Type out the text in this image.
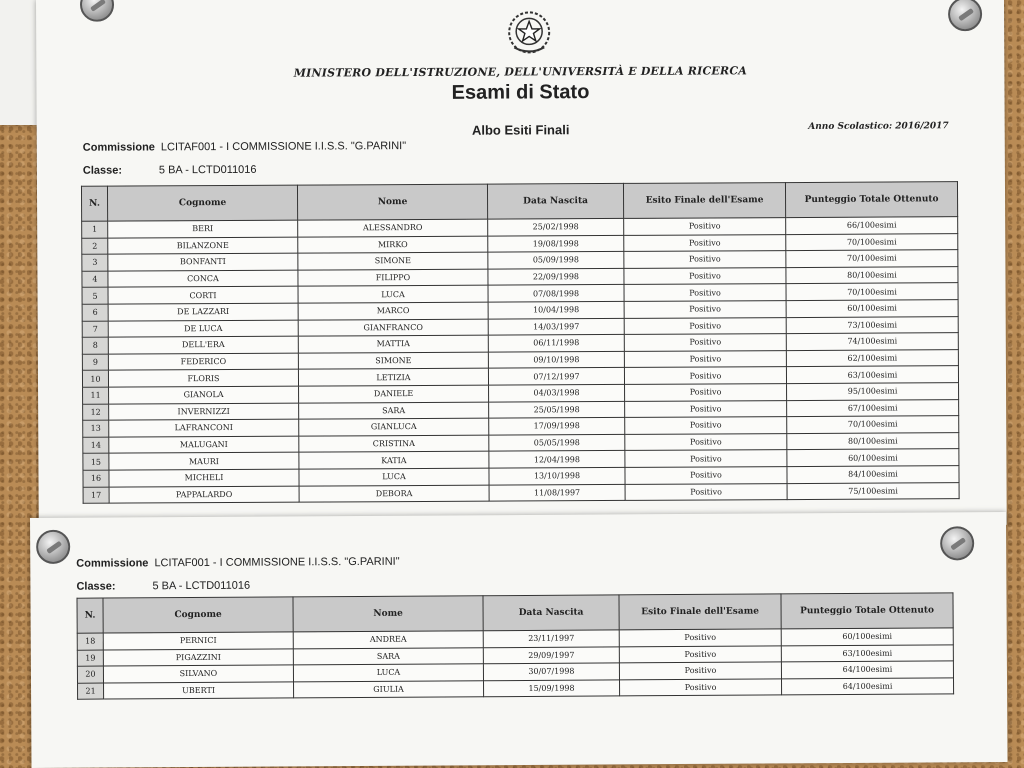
MINISTERO DELL'ISTRUZIONE, DELL'UNIVERSITÀ E DELLA RICERCA
Esami di Stato
Albo Esiti Finali	Anno Scolastico: 2016/2017
Commissione LCITAF001 - I COMMISSIONE I.I.S.S. "G.PARINI"
Classe:	5 BA - LCTD011016
N.	Cognome	Nome	Data Nascita	Esito Finale dell'Esame	Punteggio Totale Ottenuto
1	BERI	ALESSANDRO	25/02/1998	Positivo	66/100esimi
2	BILANZONE	MIRKO	19/08/1998	Positivo	70/100esimi
3	BONFANTI	SIMONE	05/09/1998	Positivo	70/100esimi
4	CONCA	FILIPPO	22/09/1998	Positivo	80/100esimi
5	CORTI	LUCA	07/08/1998	Positivo	70/100esimi
6	DE LAZZARI	MARCO	10/04/1998	Positivo	60/100esimi
7	DE LUCA	GIANFRANCO	14/03/1997	Positivo	73/100esimi
8	DELL'ERA	MATTIA	06/11/1998	Positivo	74/100esimi
9	FEDERICO	SIMONE	09/10/1998	Positivo	62/100esimi
10	FLORIS	LETIZIA	07/12/1997	Positivo	63/100esimi
11	GIANOLA	DANIELE	04/03/1998	Positivo	95/100esimi
12	INVERNIZZI	SARA	25/05/1998	Positivo	67/100esimi
13	LAFRANCONI	GIANLUCA	17/09/1998	Positivo	70/100esimi
14	MALUGANI	CRISTINA	05/05/1998	Positivo	80/100esimi
15	MAURI	KATIA	12/04/1998	Positivo	60/100esimi
16	MICHELI	LUCA	13/10/1998	Positivo	84/100esimi
17	PAPPALARDO	DEBORA	11/08/1997	Positivo	75/100esimi
Commissione LCITAF001 - I COMMISSIONE I.I.S.S. "G.PARINI"
Classe:	5 BA - LCTD011016
N.	Cognome	Nome	Data Nascita	Esito Finale dell'Esame	Punteggio Totale Ottenuto
18	PERNICI	ANDREA	23/11/1997	Positivo	60/100esimi
19	PIGAZZINI	SARA	29/09/1997	Positivo	63/100esimi
20	SILVANO	LUCA	30/07/1998	Positivo	64/100esimi
21	UBERTI	GIULIA	15/09/1998	Positivo	64/100esimi
